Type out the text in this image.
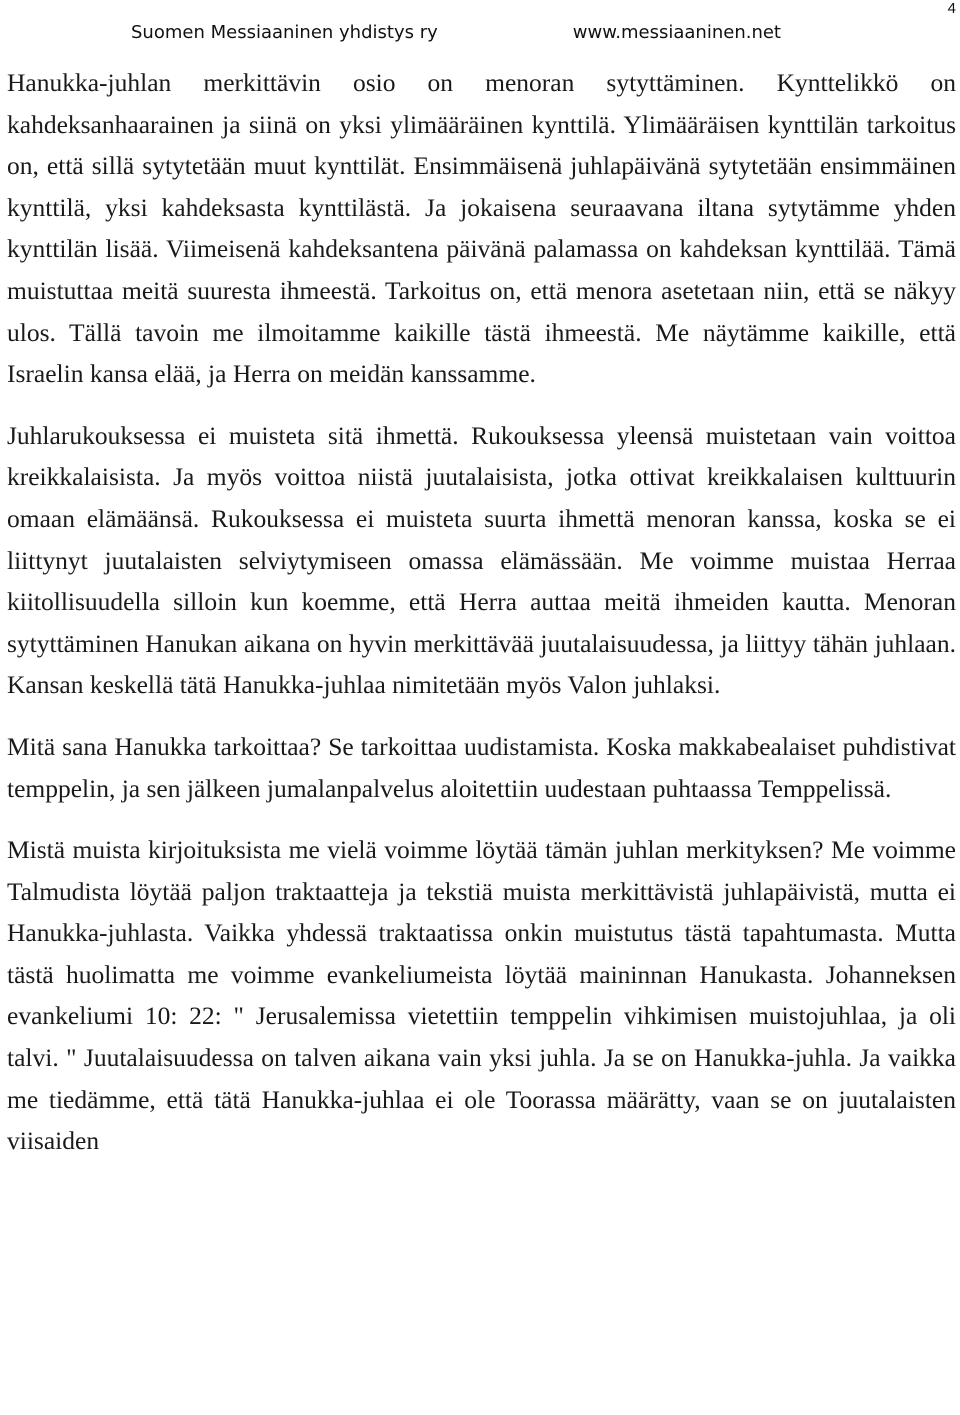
4
Suomen Messiaaninen yhdistys ry	www.messiaaninen.net

Hanukka-juhlan merkittävin osio on menoran sytyttäminen. Kynttelikkö on kahdeksanhaarainen ja siinä on yksi ylimääräinen kynttilä. Ylimääräisen kynttilän tarkoitus on, että sillä sytytetään muut kynttilät. Ensimmäisenä juhlapäivänä sytytetään ensimmäinen kynttilä, yksi kahdeksasta kynttilästä. Ja jokaisena seuraavana iltana sytytämme yhden kynttilän lisää. Viimeisenä kahdeksantena päivänä palamassa on kahdeksan kynttilää. Tämä muistuttaa meitä suuresta ihmeestä. Tarkoitus on, että menora asetetaan niin, että se näkyy ulos. Tällä tavoin me ilmoitamme kaikille tästä ihmeestä. Me näytämme kaikille, että Israelin kansa elää, ja Herra on meidän kanssamme.

Juhlarukouksessa ei muisteta sitä ihmettä. Rukouksessa yleensä muistetaan vain voittoa kreikkalaisista. Ja myös voittoa niistä juutalaisista, jotka ottivat kreikkalaisen kulttuurin omaan elämäänsä. Rukouksessa ei muisteta suurta ihmettä menoran kanssa, koska se ei liittynyt juutalaisten selviytymiseen omassa elämässään. Me voimme muistaa Herraa kiitollisuudella silloin kun koemme, että Herra auttaa meitä ihmeiden kautta. Menoran sytyttäminen Hanukan aikana on hyvin merkittävää juutalaisuudessa, ja liittyy tähän juhlaan. Kansan keskellä tätä Hanukka-juhlaa nimitetään myös Valon juhlaksi.

Mitä sana Hanukka tarkoittaa? Se tarkoittaa uudistamista. Koska makkabealaiset puhdistivat temppelin, ja sen jälkeen jumalanpalvelus aloitettiin uudestaan puhtaassa Temppelissä.

Mistä muista kirjoituksista me vielä voimme löytää tämän juhlan merkityksen? Me voimme Talmudista löytää paljon traktaatteja ja tekstiä muista merkittävistä juhlapäivistä, mutta ei Hanukka-juhlasta. Vaikka yhdessä traktaatissa onkin muistutus tästä tapahtumasta. Mutta tästä huolimatta me voimme evankeliumeista löytää maininnan Hanukasta. Johanneksen evankeliumi 10: 22: " Jerusalemissa vietettiin temppelin vihkimisen muistojuhlaa, ja oli talvi. " Juutalaisuudessa on talven aikana vain yksi juhla. Ja se on Hanukka-juhla. Ja vaikka me tiedämme, että tätä Hanukka-juhlaa ei ole Toorassa määrätty, vaan se on juutalaisten viisaiden
